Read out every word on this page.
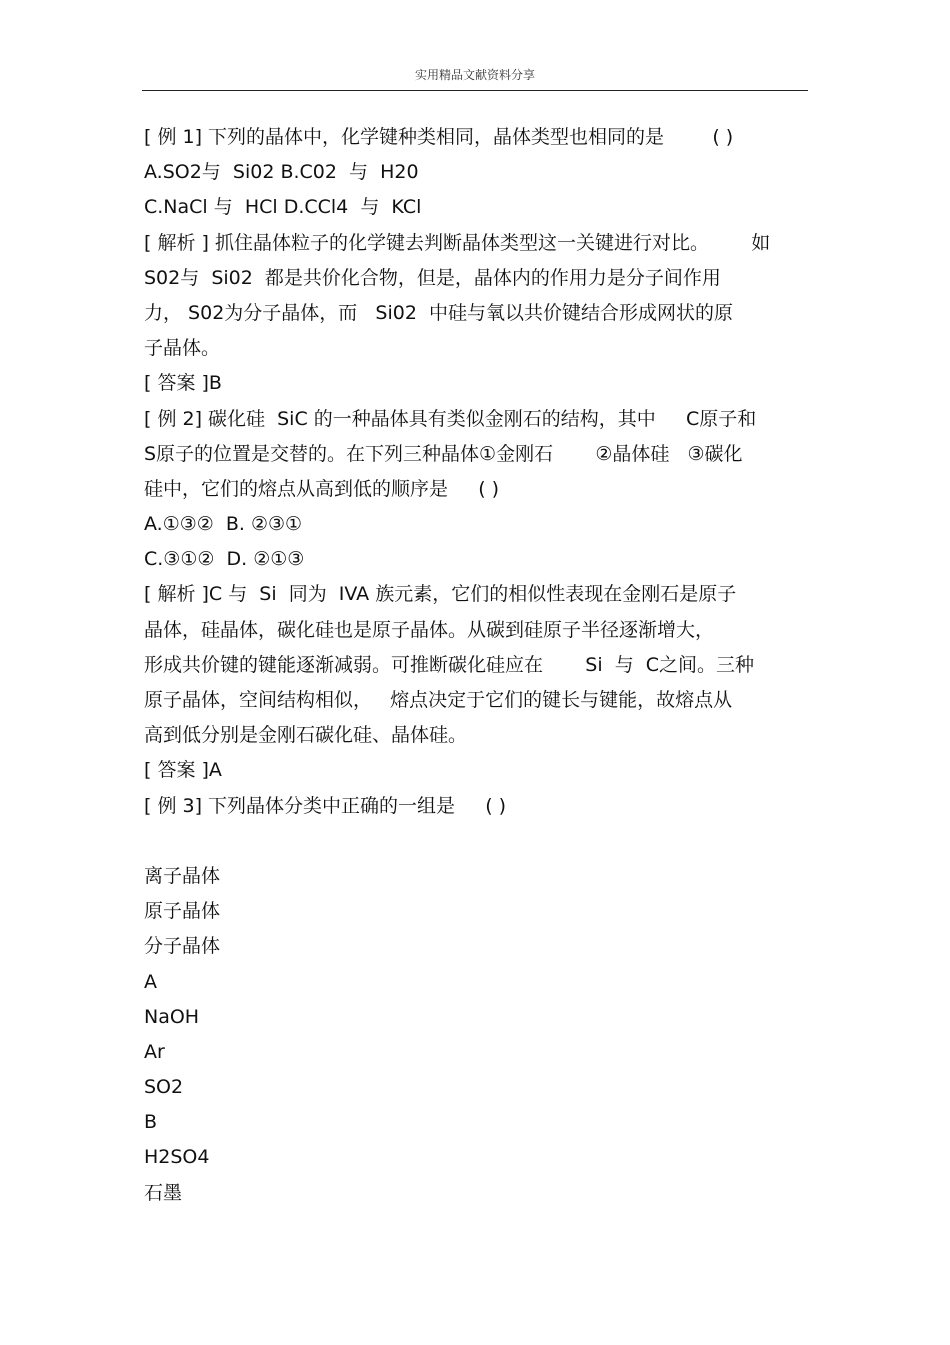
实用精品文献资料分享
[ 例 1] 下列的晶体中，化学键种类相同，晶体类型也相同的是        ( )
A.SO2与  Si02 B.C02  与  H20
C.NaCl 与  HCl D.CCl4  与  KCl
[ 解析 ] 抓住晶体粒子的化学键去判断晶体类型这一关键进行对比。       如
S02与  Si02  都是共价化合物，但是，晶体内的作用力是分子间作用
力， S02为分子晶体，而   Si02  中硅与氧以共价键结合形成网状的原
子晶体。
[ 答案 ]B
[ 例 2] 碳化硅  SiC 的一种晶体具有类似金刚石的结构，其中     C原子和
S原子的位置是交替的。在下列三种晶体①金刚石       ②晶体硅   ③碳化
硅中，它们的熔点从高到低的顺序是     ( )
A.①③②  B. ②③①
C.③①②  D. ②①③
[ 解析 ]C 与  Si  同为  IVA 族元素，它们的相似性表现在金刚石是原子
晶体，硅晶体，碳化硅也是原子晶体。从碳到硅原子半径逐渐增大，
形成共价键的键能逐渐减弱。可推断碳化硅应在       Si  与  C之间。三种
原子晶体，空间结构相似，   熔点决定于它们的键长与键能，故熔点从
高到低分别是金刚石碳化硅、晶体硅。
[ 答案 ]A
[ 例 3] 下列晶体分类中正确的一组是     ( )
离子晶体
原子晶体
分子晶体
A
NaOH
Ar
SO2
B
H2SO4
石墨
